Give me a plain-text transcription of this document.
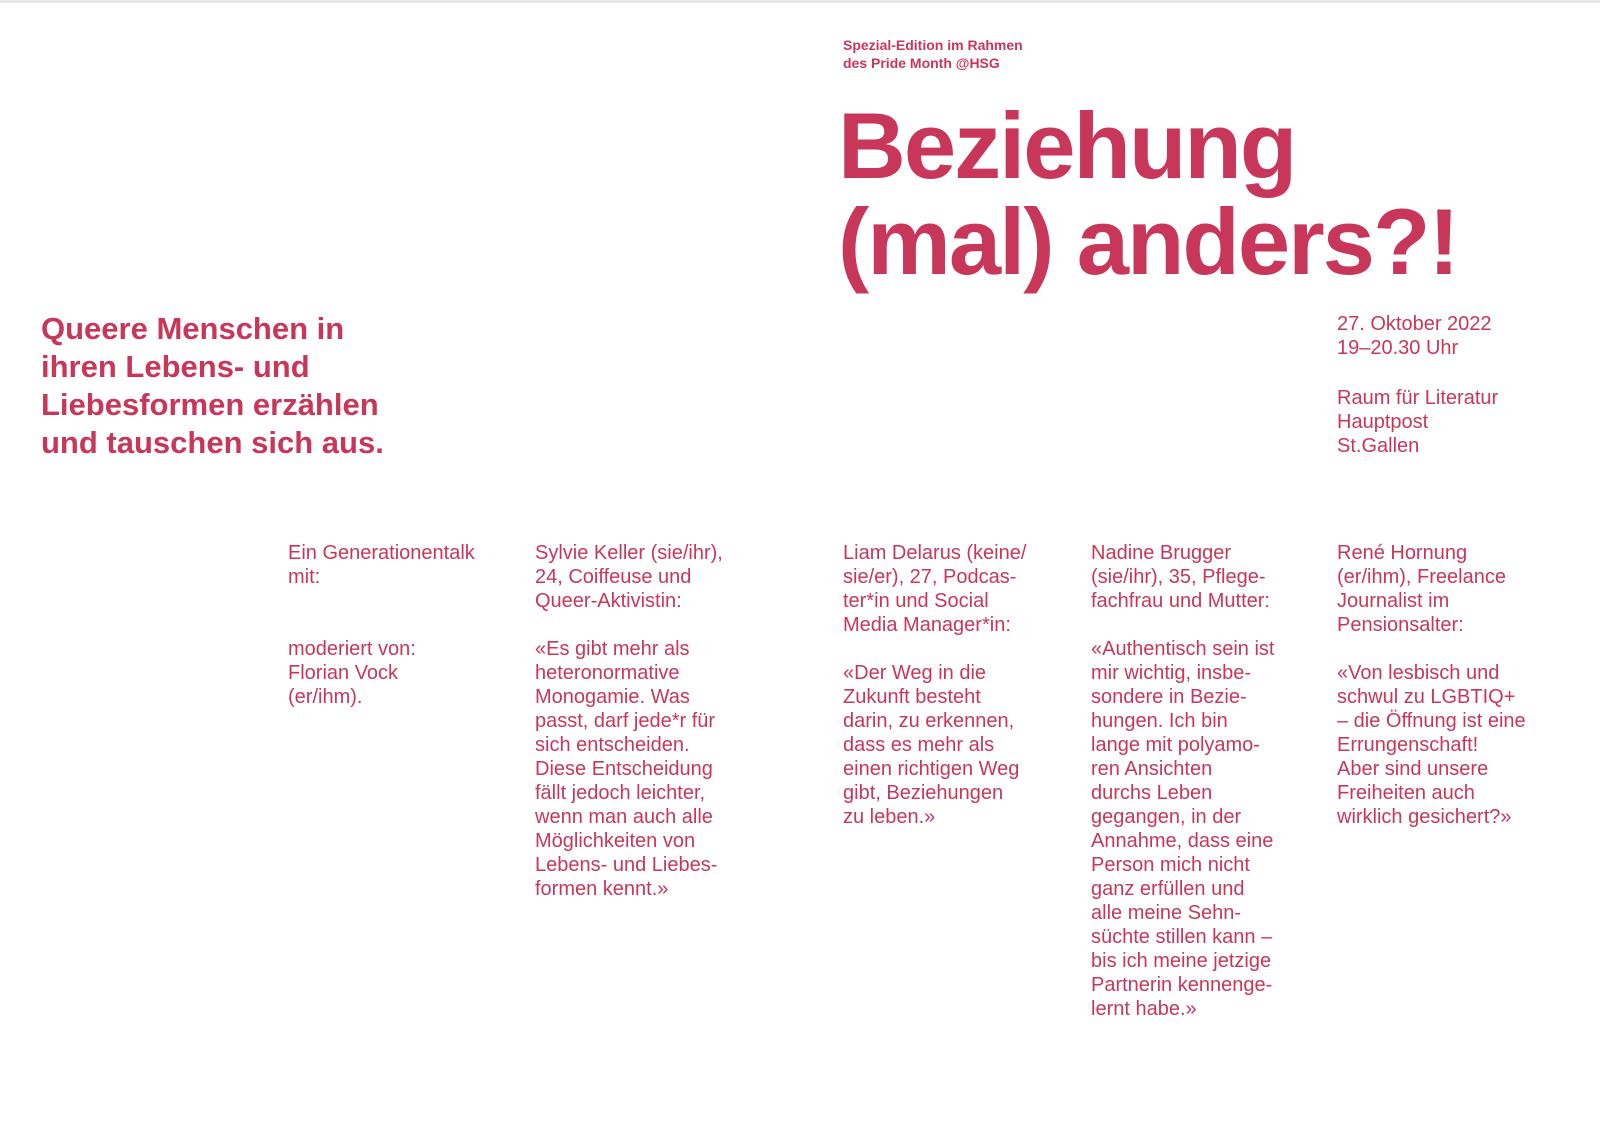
Spezial-Edition im Rahmen
des Pride Month @HSG
Beziehung
(mal) anders?!
Queere Menschen in
ihren Lebens- und
Liebesformen erzählen
und tauschen sich aus.
27. Oktober 2022
19–20.30 Uhr
Raum für Literatur
Hauptpost
St.Gallen
Ein Generationentalk
mit:
moderiert von:
Florian Vock
(er/ihm).
Sylvie Keller (sie/ihr),
24, Coiffeuse und
Queer-Aktivistin:
«Es gibt mehr als
heteronormative
Monogamie. Was
passt, darf jede*r für
sich entscheiden.
Diese Entscheidung
fällt jedoch leichter,
wenn man auch alle
Möglichkeiten von
Lebens- und Liebes-
formen kennt.»
Liam Delarus (keine/
sie/er), 27, Podcas-
ter*in und Social
Media Manager*in:
«Der Weg in die
Zukunft besteht
darin, zu erkennen,
dass es mehr als
einen richtigen Weg
gibt, Beziehungen
zu leben.»
Nadine Brugger
(sie/ihr), 35, Pflege-
fachfrau und Mutter:
«Authentisch sein ist
mir wichtig, insbe-
sondere in Bezie-
hungen. Ich bin
lange mit polyamo-
ren Ansichten
durchs Leben
gegangen, in der
Annahme, dass eine
Person mich nicht
ganz erfüllen und
alle meine Sehn-
süchte stillen kann –
bis ich meine jetzige
Partnerin kennenge-
lernt habe.»
René Hornung
(er/ihm), Freelance
Journalist im
Pensionsalter:
«Von lesbisch und
schwul zu LGBTIQ+
– die Öffnung ist eine
Errungenschaft!
Aber sind unsere
Freiheiten auch
wirklich gesichert?»
